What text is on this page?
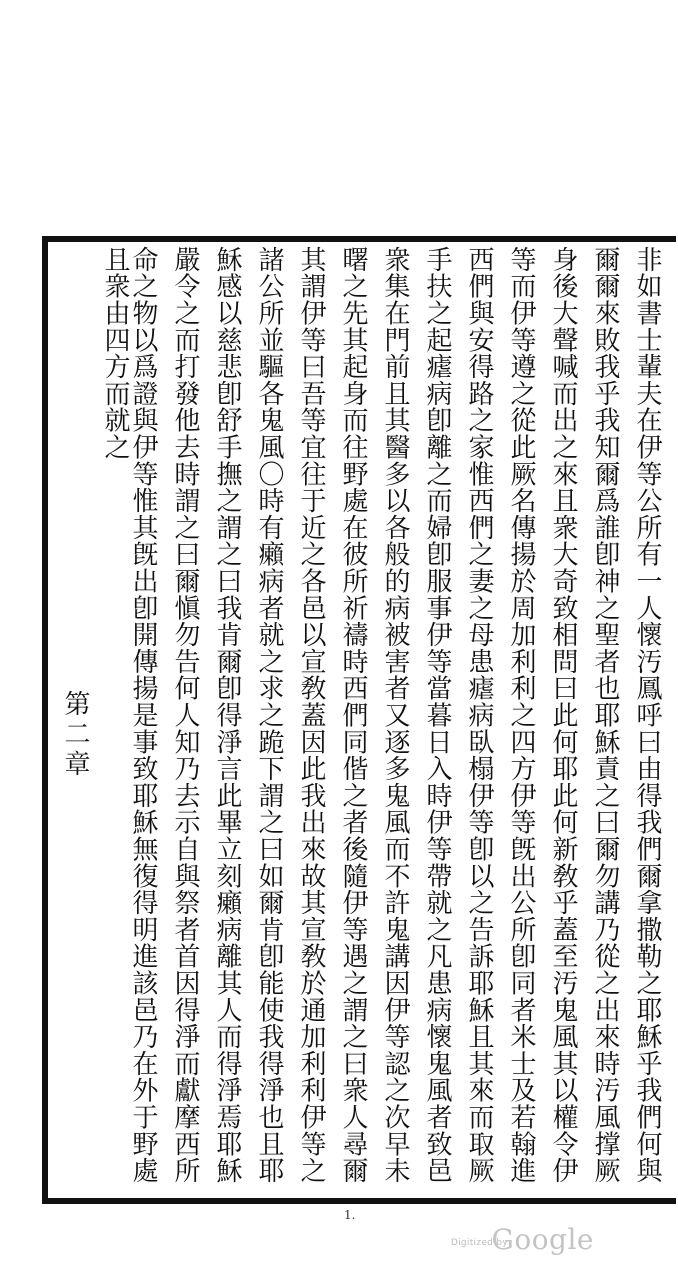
非如書士輩夫在伊等公所有一人懷汚鳳呼曰由得我們爾拿撒勒之耶穌乎我們何與
爾爾來敗我乎我知爾爲誰卽神之聖者也耶穌責之曰爾勿講乃從之出來時汚風撑厥
身後大聲喊而出之來且衆大奇致相問曰此何耶此何新敎乎蓋至汚鬼風其以權令伊
等而伊等遵之從此厥名傳揚於周加利利之四方伊等旣出公所卽同者米士及若翰進
西們與安得路之家惟西們之妻之母患瘧病臥榻伊等卽以之告訴耶穌且其來而取厥
手扶之起瘧病卽離之而婦卽服事伊等當暮日入時伊等帶就之凡患病懷鬼風者致邑
衆集在門前且其醫多以各般的病被害者又逐多鬼風而不許鬼講因伊等認之次早未
曙之先其起身而往野處在彼所祈禱時西們同偕之者後隨伊等遇之謂之曰衆人尋爾
其謂伊等曰吾等宜往于近之各邑以宣敎蓋因此我出來故其宣敎於通加利利伊等之
諸公所並驅各鬼風〇時有癩病者就之求之跪下謂之曰如爾肯卽能使我得淨也且耶
穌感以慈悲卽舒手撫之謂之曰我肯爾卽得淨言此畢立刻癩病離其人而得淨焉耶穌
嚴令之而打發他去時謂之曰爾愼勿告何人知乃去示自與祭者首因得淨而獻摩西所
命之物以爲證與伊等惟其旣出卽開傳揚是事致耶穌無復得明進該邑乃在外于野處
且衆由四方而就之
第二章
1.
Digitized by
Google
